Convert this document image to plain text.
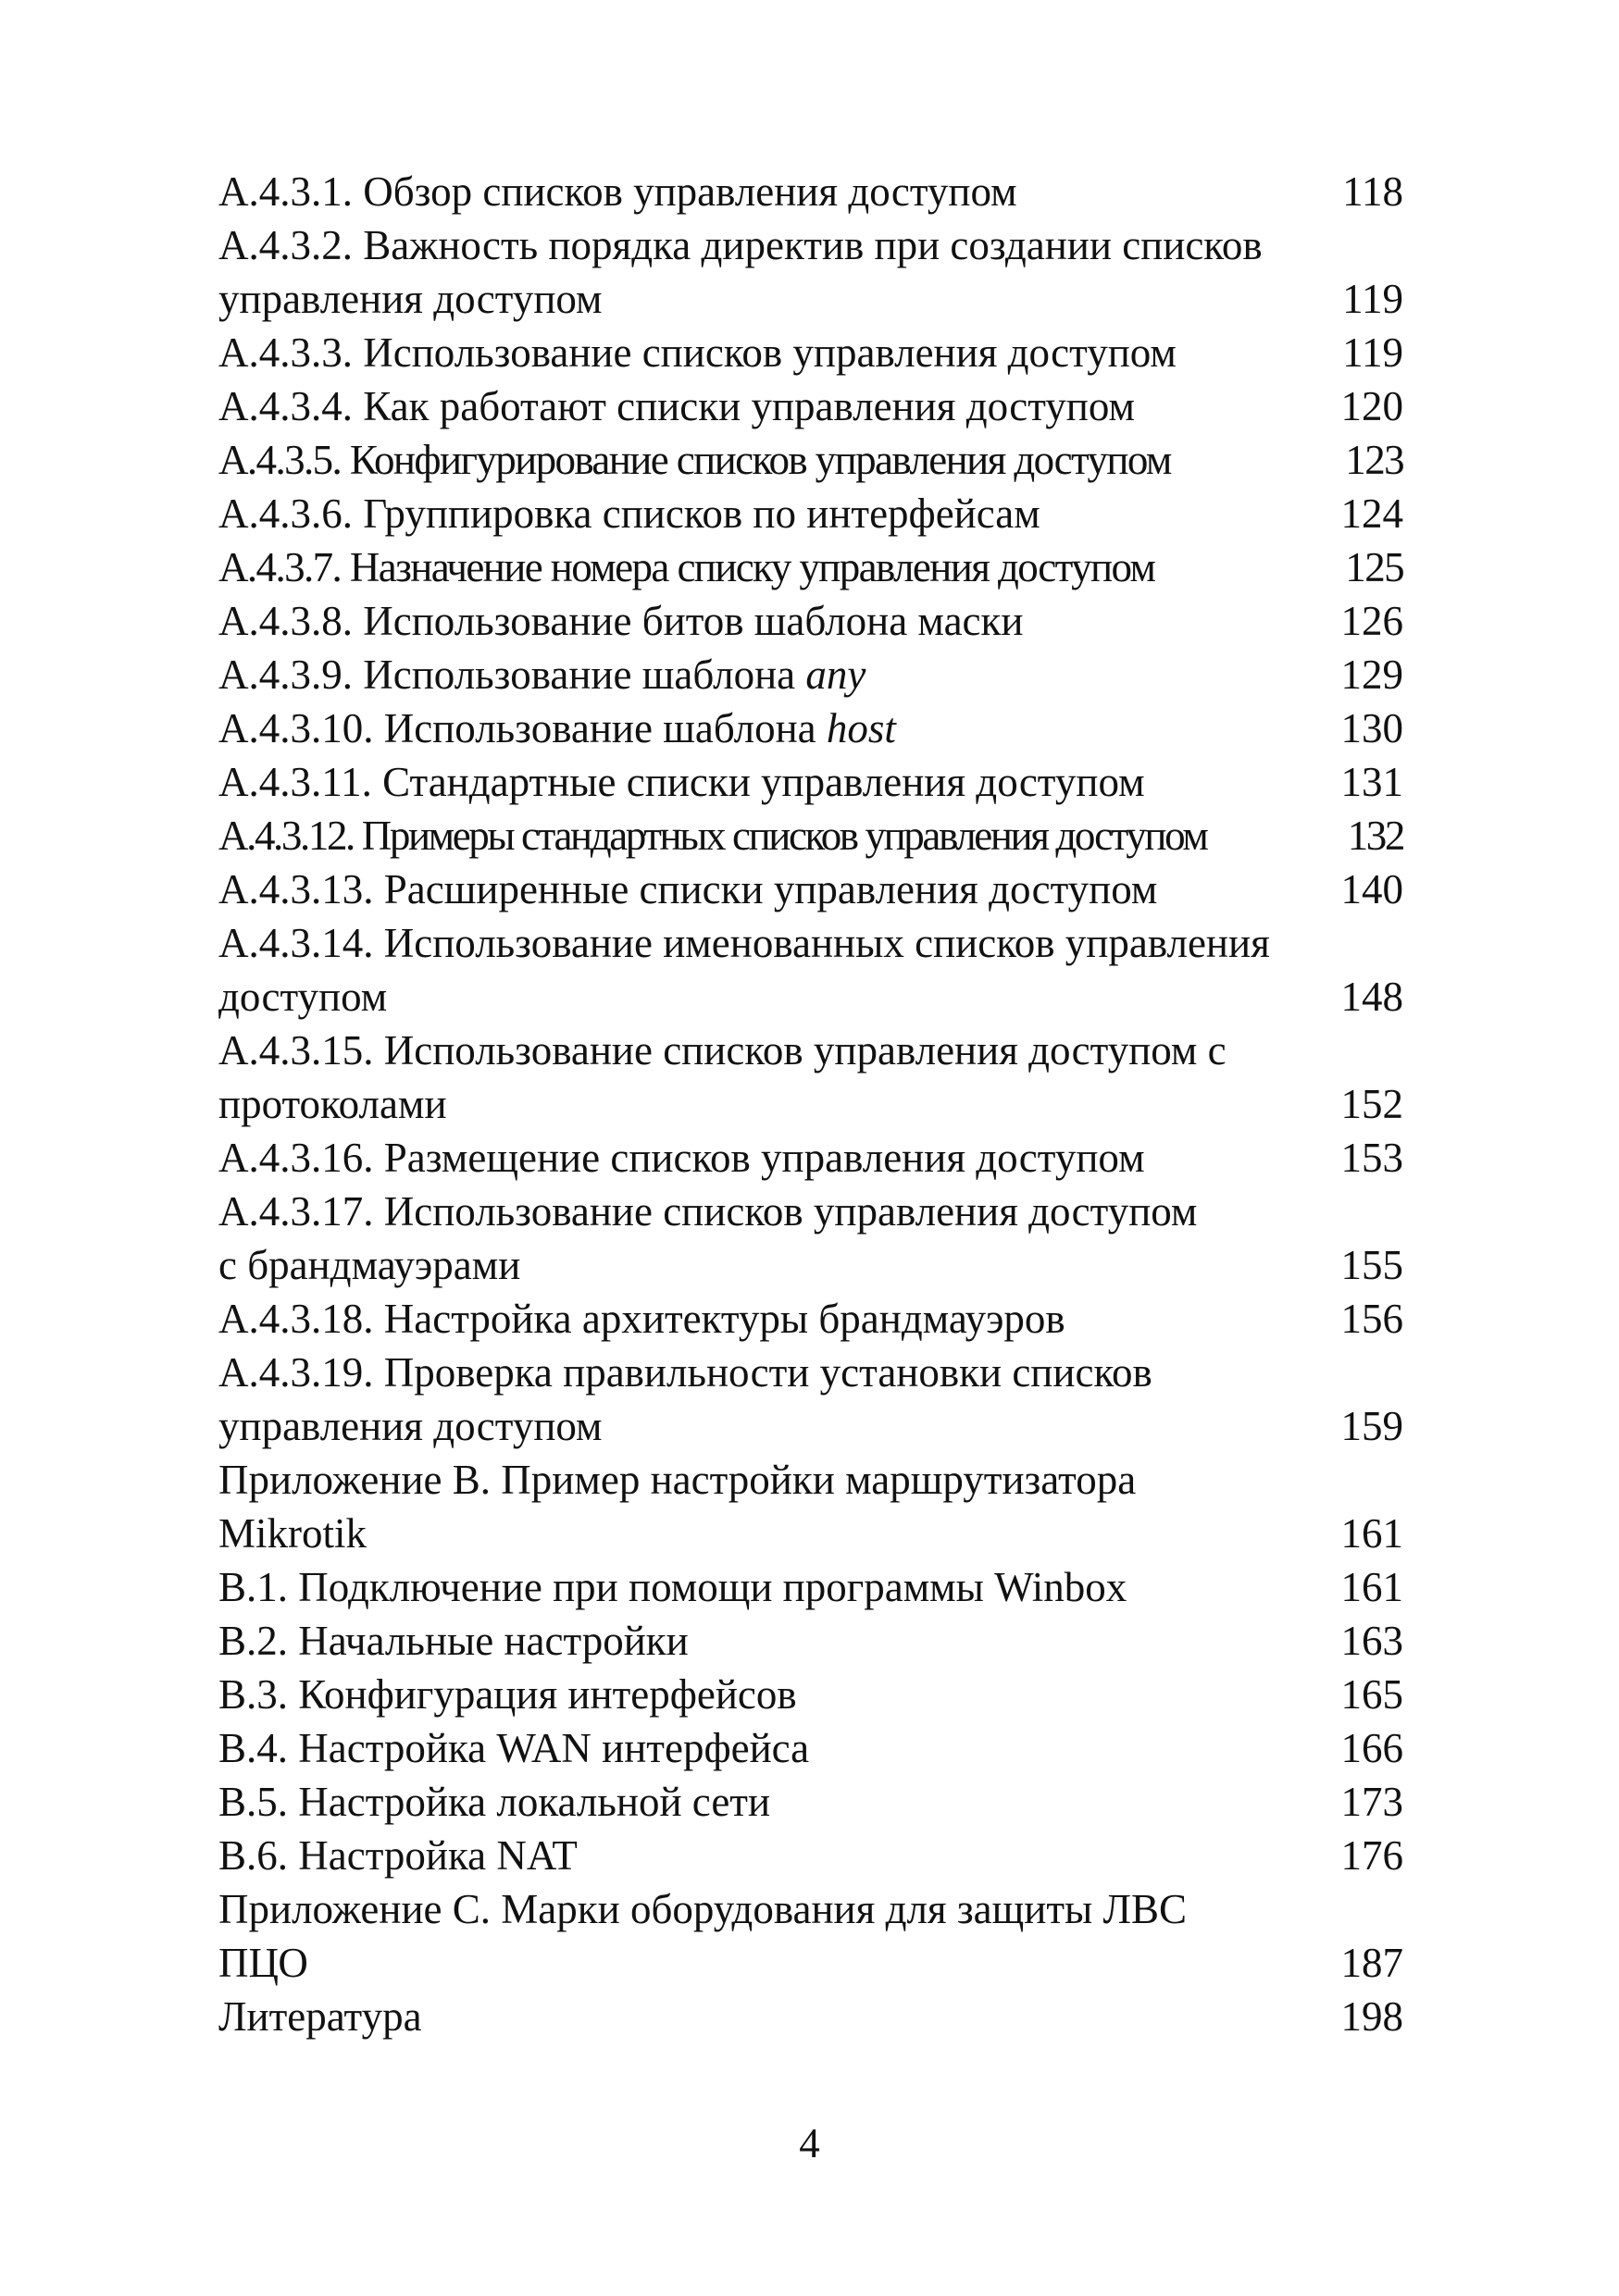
А.4.3.1. Обзор списков управления доступом	118
А.4.3.2. Важность порядка директив при создании списков
управления доступом	119
А.4.3.3. Использование списков управления доступом	119
А.4.3.4. Как работают списки управления доступом	120
А.4.3.5. Конфигурирование списков управления доступом	123
А.4.3.6. Группировка списков по интерфейсам	124
А.4.3.7. Назначение номера списку управления доступом	125
А.4.3.8. Использование битов шаблона маски	126
А.4.3.9. Использование шаблона any	129
А.4.3.10. Использование шаблона host	130
А.4.3.11. Стандартные списки управления доступом	131
А.4.3.12. Примеры стандартных списков управления доступом	132
А.4.3.13. Расширенные списки управления доступом	140
А.4.3.14. Использование именованных списков управления
доступом	148
А.4.3.15. Использование списков управления доступом с
протоколами	152
А.4.3.16. Размещение списков управления доступом	153
А.4.3.17. Использование списков управления доступом
с брандмауэрами	155
А.4.3.18. Настройка архитектуры брандмауэров	156
А.4.3.19. Проверка правильности установки списков
управления доступом	159
Приложение В. Пример настройки маршрутизатора
Mikrotik	161
В.1. Подключение при помощи программы Winbox	161
В.2. Начальные настройки	163
В.3. Конфигурация интерфейсов	165
В.4. Настройка WAN интерфейса	166
В.5. Настройка локальной сети	173
В.6. Настройка NAT	176
Приложение С. Марки оборудования для защиты ЛВС
ПЦО	187
Литература	198
4
